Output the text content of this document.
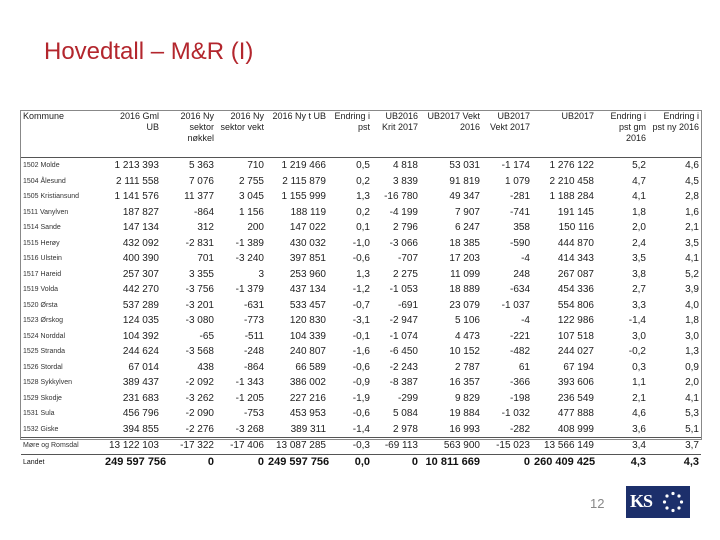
Hovedtall – M&R (I)
Kommune	2016 Gml UB	2016 Ny sektor nøkkel	2016 Ny sektor vekt	2016 Ny t UB	Endring i pst	UB2016 Krit 2017	UB2017 Vekt 2016	UB2017 Vekt 2017	UB2017	Endring i pst gm 2016	Endring i pst ny 2016
1502 Molde	1 213 393	5 363	710	1 219 466	0,5	4 818	53 031	-1 174	1 276 122	5,2	4,6
1504 Ålesund	2 111 558	7 076	2 755	2 115 879	0,2	3 839	91 819	1 079	2 210 458	4,7	4,5
1505 Kristiansund	1 141 576	11 377	3 045	1 155 999	1,3	-16 780	49 347	-281	1 188 284	4,1	2,8
1511 Vanylven	187 827	-864	1 156	188 119	0,2	-4 199	7 907	-741	191 145	1,8	1,6
1514 Sande	147 134	312	200	147 022	0,1	2 796	6 247	358	150 116	2,0	2,1
1515 Herøy	432 092	-2 831	-1 389	430 032	-1,0	-3 066	18 385	-590	444 870	2,4	3,5
1516 Ulstein	400 390	701	-3 240	397 851	-0,6	-707	17 203	-4	414 343	3,5	4,1
1517 Hareid	257 307	3 355	3	253 960	1,3	2 275	11 099	248	267 087	3,8	5,2
1519 Volda	442 270	-3 756	-1 379	437 134	-1,2	-1 053	18 889	-634	454 336	2,7	3,9
1520 Ørsta	537 289	-3 201	-631	533 457	-0,7	-691	23 079	-1 037	554 806	3,3	4,0
1523 Ørskog	124 035	-3 080	-773	120 830	-3,1	-2 947	5 106	-4	122 986	-1,4	1,8
1524 Norddal	104 392	-65	-511	104 339	-0,1	-1 074	4 473	-221	107 518	3,0	3,0
1525 Stranda	244 624	-3 568	-248	240 807	-1,6	-6 450	10 152	-482	244 027	-0,2	1,3
1526 Stordal	67 014	438	-864	66 589	-0,6	-2 243	2 787	61	67 194	0,3	0,9
1528 Sykkylven	389 437	-2 092	-1 343	386 002	-0,9	-8 387	16 357	-366	393 606	1,1	2,0
1529 Skodje	231 683	-3 262	-1 205	227 216	-1,9	-299	9 829	-198	236 549	2,1	4,1
1531 Sula	456 796	-2 090	-753	453 953	-0,6	5 084	19 884	-1 032	477 888	4,6	5,3
1532 Giske	394 855	-2 276	-3 268	389 311	-1,4	2 978	16 993	-282	408 999	3,6	5,1
Møre og Romsdal	13 122 103	-17 322	-17 406	13 087 285	-0,3	-69 113	563 900	-15 023	13 566 149	3,4	3,7
Landet	249 597 756	0	0	249 597 756	0,0	0	10 811 669	0	260 409 425	4,3	4,3
12 KS
